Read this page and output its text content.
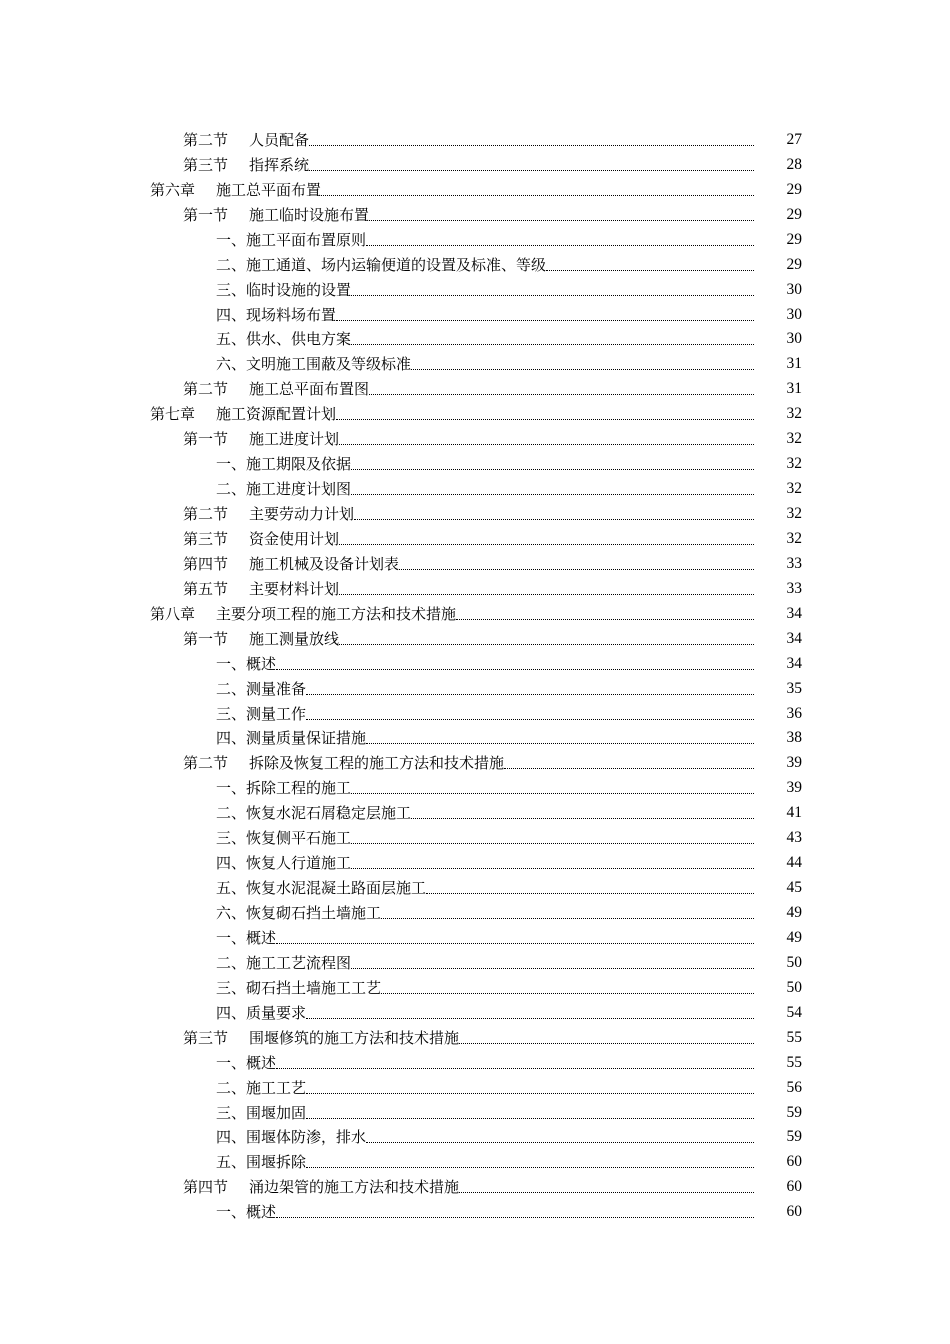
第二节 人员配备	27
第三节 指挥系统	28
第六章 施工总平面布置	29
第一节 施工临时设施布置	29
一、施工平面布置原则	29
二、施工通道、场内运输便道的设置及标准、等级	29
三、临时设施的设置	30
四、现场料场布置	30
五、供水、供电方案	30
六、文明施工围蔽及等级标准	31
第二节 施工总平面布置图	31
第七章 施工资源配置计划	32
第一节 施工进度计划	32
一、施工期限及依据	32
二、施工进度计划图	32
第二节 主要劳动力计划	32
第三节 资金使用计划	32
第四节 施工机械及设备计划表	33
第五节 主要材料计划	33
第八章 主要分项工程的施工方法和技术措施	34
第一节 施工测量放线	34
一、概述	34
二、测量准备	35
三、测量工作	36
四、测量质量保证措施	38
第二节 拆除及恢复工程的施工方法和技术措施	39
一、拆除工程的施工	39
二、恢复水泥石屑稳定层施工	41
三、恢复侧平石施工	43
四、恢复人行道施工	44
五、恢复水泥混凝土路面层施工	45
六、恢复砌石挡土墙施工	49
一、概述	49
二、施工工艺流程图	50
三、砌石挡土墙施工工艺	50
四、质量要求	54
第三节 围堰修筑的施工方法和技术措施	55
一、概述	55
二、施工工艺	56
三、围堰加固	59
四、围堰体防渗，排水	59
五、围堰拆除	60
第四节 涌边架管的施工方法和技术措施	60
一、概述	60
